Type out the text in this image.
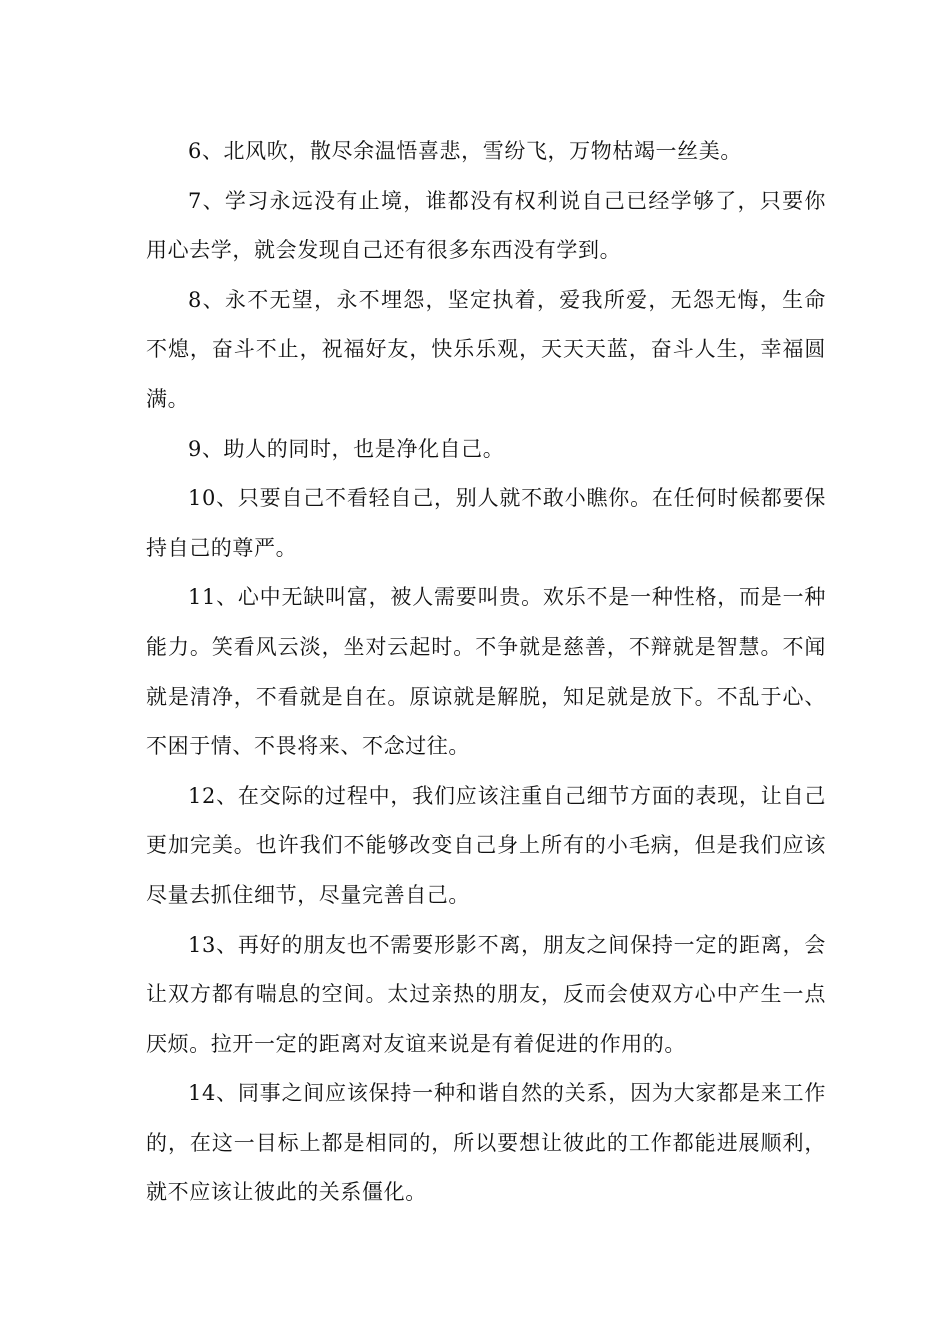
6、北风吹，散尽余温悟喜悲，雪纷飞，万物枯竭一丝美。

7、学习永远没有止境，谁都没有权利说自己已经学够了，只要你用心去学，就会发现自己还有很多东西没有学到。

8、永不无望，永不埋怨，坚定执着，爱我所爱，无怨无悔，生命不熄，奋斗不止，祝福好友，快乐乐观，天天天蓝，奋斗人生，幸福圆满。

9、助人的同时，也是净化自己。

10、只要自己不看轻自己，别人就不敢小瞧你。在任何时候都要保持自己的尊严。

11、心中无缺叫富，被人需要叫贵。欢乐不是一种性格，而是一种能力。笑看风云淡，坐对云起时。不争就是慈善，不辩就是智慧。不闻就是清净，不看就是自在。原谅就是解脱，知足就是放下。不乱于心、不困于情、不畏将来、不念过往。

12、在交际的过程中，我们应该注重自己细节方面的表现，让自己更加完美。也许我们不能够改变自己身上所有的小毛病，但是我们应该尽量去抓住细节，尽量完善自己。

13、再好的朋友也不需要形影不离，朋友之间保持一定的距离，会让双方都有喘息的空间。太过亲热的朋友，反而会使双方心中产生一点厌烦。拉开一定的距离对友谊来说是有着促进的作用的。

14、同事之间应该保持一种和谐自然的关系，因为大家都是来工作的，在这一目标上都是相同的，所以要想让彼此的工作都能进展顺利，就不应该让彼此的关系僵化。
